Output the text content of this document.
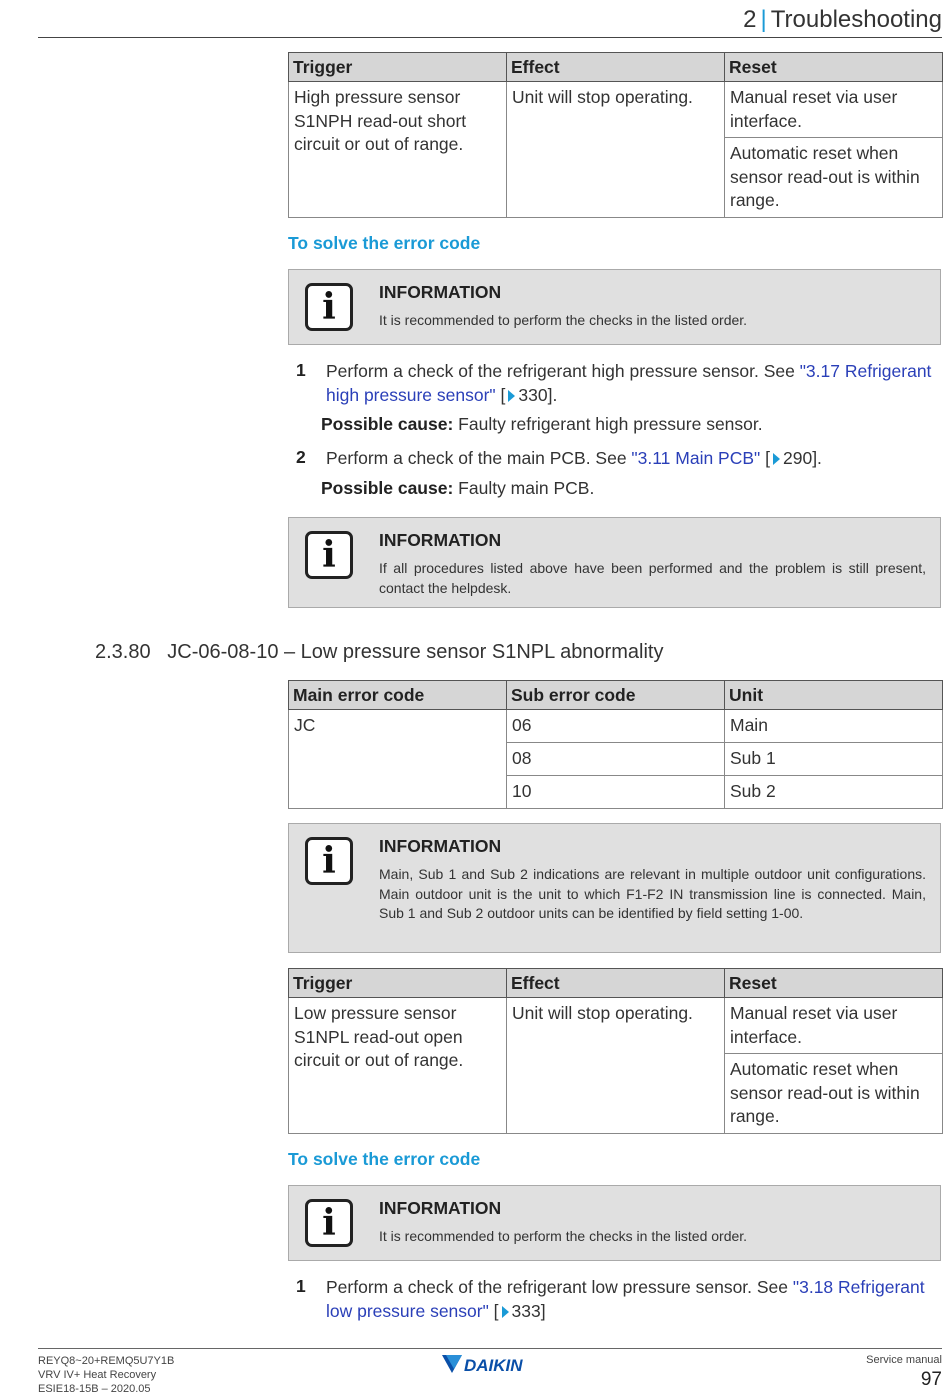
2 | Troubleshooting
Trigger	Effect	Reset
High pressure sensor S1NPH read-out short circuit or out of range.	Unit will stop operating.	Manual reset via user interface.
		Automatic reset when sensor read-out is within range.
To solve the error code
i	INFORMATION
It is recommended to perform the checks in the listed order.
1 Perform a check of the refrigerant high pressure sensor. See "3.17 Refrigerant high pressure sensor" [ 330].
Possible cause: Faulty refrigerant high pressure sensor.
2 Perform a check of the main PCB. See "3.11 Main PCB" [ 290].
Possible cause: Faulty main PCB.
i	INFORMATION
If all procedures listed above have been performed and the problem is still present, contact the helpdesk.
2.3.80 JC-06-08-10 – Low pressure sensor S1NPL abnormality
Main error code	Sub error code	Unit
JC	06	Main
	08	Sub 1
	10	Sub 2
i	INFORMATION
Main, Sub 1 and Sub 2 indications are relevant in multiple outdoor unit configurations. Main outdoor unit is the unit to which F1-F2 IN transmission line is connected. Main, Sub 1 and Sub 2 outdoor units can be identified by field setting 1-00.
Trigger	Effect	Reset
Low pressure sensor S1NPL read-out open circuit or out of range.	Unit will stop operating.	Manual reset via user interface.
		Automatic reset when sensor read-out is within range.
To solve the error code
i	INFORMATION
It is recommended to perform the checks in the listed order.
1 Perform a check of the refrigerant low pressure sensor. See "3.18 Refrigerant low pressure sensor" [ 333]
REYQ8~20+REMQ5U7Y1B
VRV IV+ Heat Recovery
ESIE18-15B – 2020.05
DAIKIN	Service manual
97
